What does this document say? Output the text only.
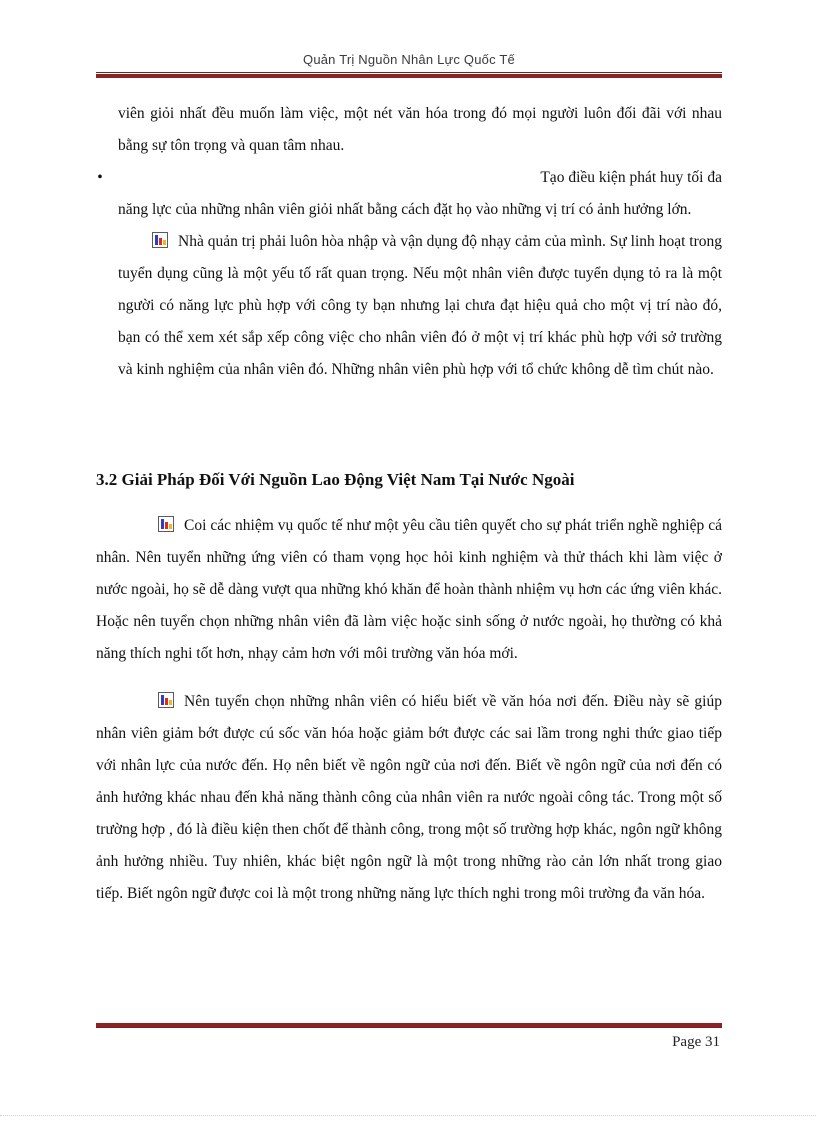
Quản Trị Nguồn Nhân Lực Quốc Tế

viên giỏi nhất đều muốn làm việc, một nét văn hóa trong đó mọi người luôn đối đãi với nhau bằng sự tôn trọng và quan tâm nhau.

•	Tạo điều kiện phát huy tối đa

năng lực của những nhân viên giỏi nhất bằng cách đặt họ vào những vị trí có ảnh hưởng lớn.

Nhà quản trị phải luôn hòa nhập và vận dụng độ nhạy cảm của mình. Sự linh hoạt trong tuyển dụng cũng là một yếu tố rất quan trọng. Nếu một nhân viên được tuyển dụng tỏ ra là một người có năng lực phù hợp với công ty bạn nhưng lại chưa đạt hiệu quả cho một vị trí nào đó, bạn có thể xem xét sắp xếp công việc cho nhân viên đó ở một vị trí khác phù hợp với sở trường và kinh nghiệm của nhân viên đó. Những nhân viên phù hợp với tổ chức không dễ tìm chút nào.

3.2 Giải Pháp Đối Với Nguồn Lao Động Việt Nam Tại Nước Ngoài

Coi các nhiệm vụ quốc tế như một yêu cầu tiên quyết cho sự phát triển nghề nghiệp cá nhân. Nên tuyển những ứng viên có tham vọng học hỏi kinh nghiệm và thử thách khi làm việc ở nước ngoài, họ sẽ dễ dàng vượt qua những khó khăn để hoàn thành nhiệm vụ hơn các ứng viên khác. Hoặc nên tuyển chọn những nhân viên đã làm việc hoặc sinh sống ở nước ngoài, họ thường có khả năng thích nghi tốt hơn, nhạy cảm hơn với môi trường văn hóa mới.

Nên tuyển chọn những nhân viên có hiểu biết về văn hóa nơi đến. Điều này sẽ giúp nhân viên giảm bớt được cú sốc văn hóa hoặc giảm bớt được các sai lầm trong nghi thức giao tiếp với nhân lực của nước đến. Họ nên biết về ngôn ngữ của nơi đến. Biết về ngôn ngữ của nơi đến có ảnh hưởng khác nhau đến khả năng thành công của nhân viên ra nước ngoài công tác. Trong một số trường hợp , đó là điều kiện then chốt để thành công, trong một số trường hợp khác, ngôn ngữ không ảnh hưởng nhiều. Tuy nhiên, khác biệt ngôn ngữ là một trong những rào cản lớn nhất trong giao tiếp. Biết ngôn ngữ được coi là một trong những năng lực thích nghi trong môi trường đa văn hóa.

Page 31
